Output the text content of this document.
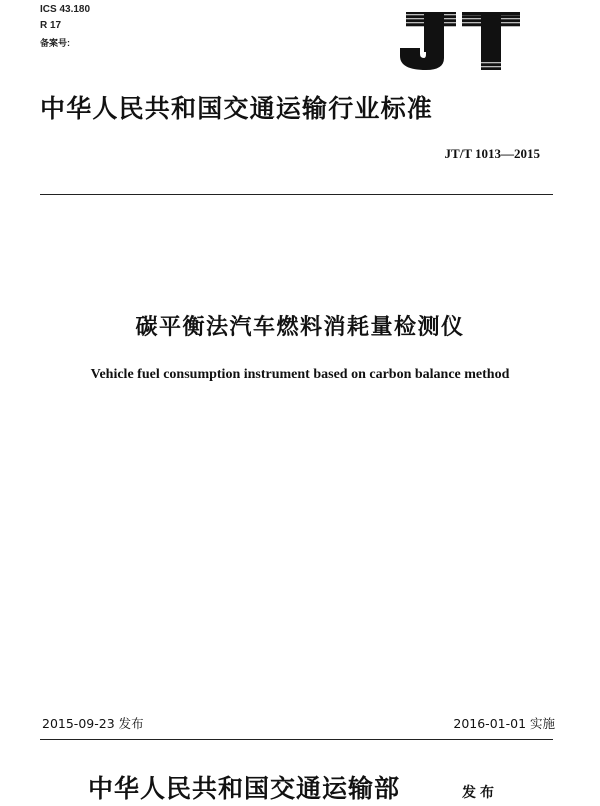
ICS 43.180
R 17
备案号:
中华人民共和国交通运输行业标准
JT/T 1013—2015
碳平衡法汽车燃料消耗量检测仪
Vehicle fuel consumption instrument based on carbon balance method
2015-09-23 发布	2016-01-01 实施
中华人民共和国交通运输部	发布
